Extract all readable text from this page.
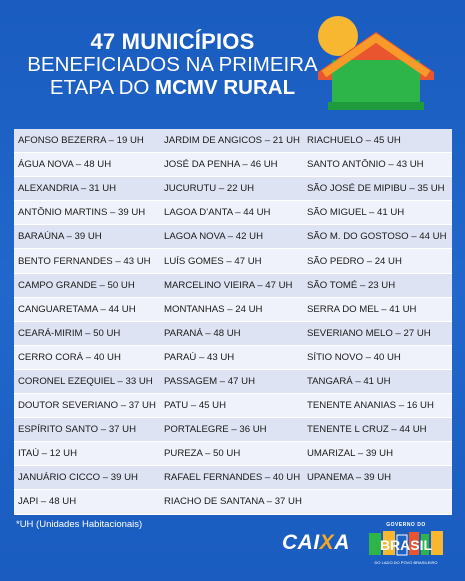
47 MUNICÍPIOS
BENEFICIADOS NA PRIMEIRA
ETAPA DO MCMV RURAL
AFONSO BEZERRA – 19 UH	JARDIM DE ANGICOS – 21 UH RIACHUELO – 45 UH
ÁGUA NOVA – 48 UH	JOSÉ DA PENHA – 46 UH	SANTO ANTÔNIO – 43 UH
ALEXANDRIA – 31 UH	JUCURUTU – 22 UH	SÃO JOSÉ DE MIPIBU – 35 UH
ANTÔNIO MARTINS – 39 UH	LAGOA D’ANTA – 44 UH	SÃO MIGUEL – 41 UH
BARAÚNA – 39 UH	LAGOA NOVA – 42 UH	SÃO M. DO GOSTOSO – 44 UH
BENTO FERNANDES – 43 UH	LUÍS GOMES – 47 UH	SÃO PEDRO – 24 UH
CAMPO GRANDE – 50 UH	MARCELINO VIEIRA – 47 UH	SÃO TOMÉ – 23 UH
CANGUARETAMA – 44 UH	MONTANHAS – 24 UH	SERRA DO MEL – 41 UH
CEARÁ-MIRIM – 50 UH	PARANÁ – 48 UH	SEVERIANO MELO – 27 UH
CERRO CORÁ – 40 UH	PARAÚ – 43 UH	SÍTIO NOVO – 40 UH
CORONEL EZEQUIEL – 33 UH	PASSAGEM – 47 UH	TANGARÁ – 41 UH
DOUTOR SEVERIANO – 37 UH PATU – 45 UH	TENENTE ANANIAS – 16 UH
ESPÍRITO SANTO – 37 UH	PORTALEGRE – 36 UH	TENENTE L CRUZ – 44 UH
ITAÚ – 12 UH	PUREZA – 50 UH	UMARIZAL – 39 UH
JANUÁRIO CICCO – 39 UH	RAFAEL FERNANDES – 40 UH UPANEMA – 39 UH
JAPI – 48 UH	RIACHO DE SANTANA – 37 UH
*UH (Unidades Habitacionais)
CAIXA
GOVERNO DO
BRASIL
DO LADO DO POVO BRASILEIRO
